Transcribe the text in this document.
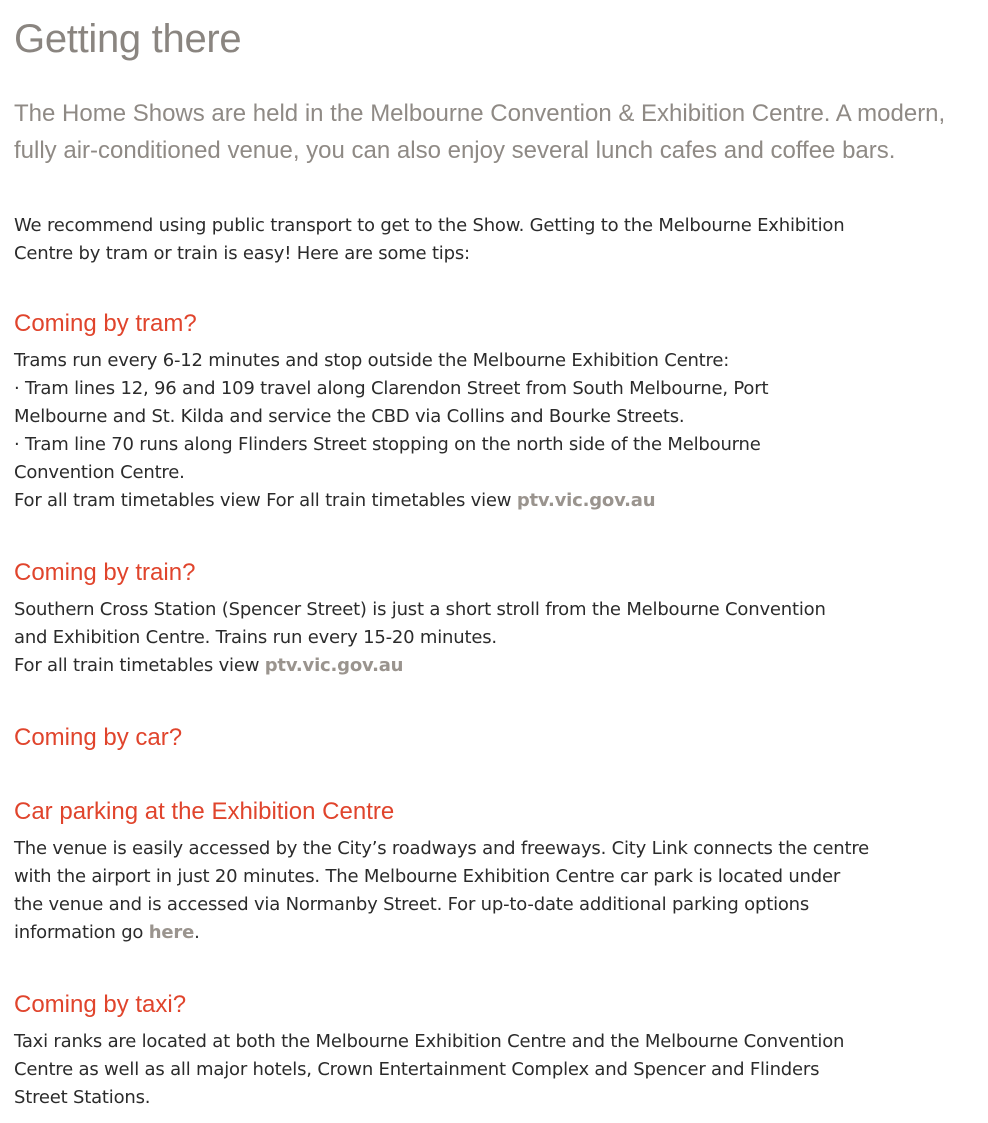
Getting there

The Home Shows are held in the Melbourne Convention & Exhibition Centre. A modern, fully air-conditioned venue, you can also enjoy several lunch cafes and coffee bars.

We recommend using public transport to get to the Show. Getting to the Melbourne Exhibition
Centre by tram or train is easy! Here are some tips:

Coming by tram?

Trams run every 6-12 minutes and stop outside the Melbourne Exhibition Centre:
· Tram lines 12, 96 and 109 travel along Clarendon Street from South Melbourne, Port
Melbourne and St. Kilda and service the CBD via Collins and Bourke Streets.
· Tram line 70 runs along Flinders Street stopping on the north side of the Melbourne
Convention Centre.
For all tram timetables view For all train timetables view ptv.vic.gov.au

Coming by train?

Southern Cross Station (Spencer Street) is just a short stroll from the Melbourne Convention
and Exhibition Centre. Trains run every 15-20 minutes.
For all train timetables view ptv.vic.gov.au

Coming by car?
Car parking at the Exhibition Centre

The venue is easily accessed by the City’s roadways and freeways. City Link connects the centre
with the airport in just 20 minutes. The Melbourne Exhibition Centre car park is located under
the venue and is accessed via Normanby Street. For up-to-date additional parking options
information go here.

Coming by taxi?

Taxi ranks are located at both the Melbourne Exhibition Centre and the Melbourne Convention
Centre as well as all major hotels, Crown Entertainment Complex and Spencer and Flinders
Street Stations.
